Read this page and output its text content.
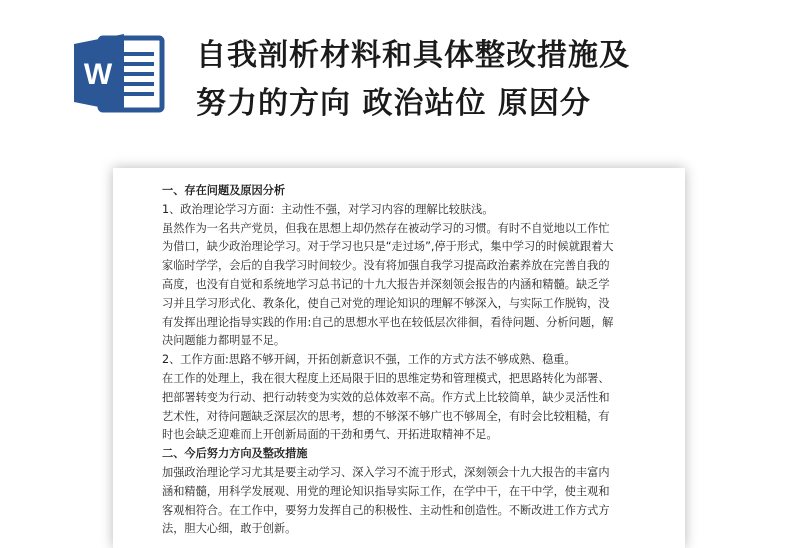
W
自我剖析材料和具体整改措施及
努力的方向 政治站位 原因分

一、存在问题及原因分析

1、政治理论学习方面：主动性不强，对学习内容的理解比较肤浅。

虽然作为一名共产党员，但我在思想上却仍然存在被动学习的习惯。有时不自觉地以工作忙

为借口，缺少政治理论学习。对于学习也只是“走过场”,停于形式，集中学习的时候就跟着大

家临时学学，会后的自我学习时间较少。没有将加强自我学习提高政治素养放在完善自我的

高度，也没有自觉和系统地学习总书记的十九大报告并深刻领会报告的内涵和精髓。缺乏学

习并且学习形式化、教条化，使自己对党的理论知识的理解不够深入，与实际工作脱钩，没

有发挥出理论指导实践的作用:自己的思想水平也在较低层次徘徊，看待问题、分析问题，解

决问题能力都明显不足。

2、工作方面:思路不够开阔，开拓创新意识不强，工作的方式方法不够成熟、稳重。

在工作的处理上，我在很大程度上还局限于旧的思维定势和管理模式，把思路转化为部署、

把部署转变为行动、把行动转变为实效的总体效率不高。作方式上比较简单，缺少灵活性和

艺术性，对待问题缺乏深层次的思考，想的不够深不够广也不够周全，有时会比较粗糙，有

时也会缺乏迎难而上开创新局面的干劲和勇气、开拓进取精神不足。

二、今后努力方向及整改措施

加强政治理论学习尤其是要主动学习、深入学习不流于形式，深刻领会十九大报告的丰富内

涵和精髓，用科学发展观、用党的理论知识指导实际工作，在学中干，在干中学，使主观和

客观相符合。在工作中，要努力发挥自己的积极性、主动性和创造性。不断改进工作方式方

法，胆大心细，敢于创新。
